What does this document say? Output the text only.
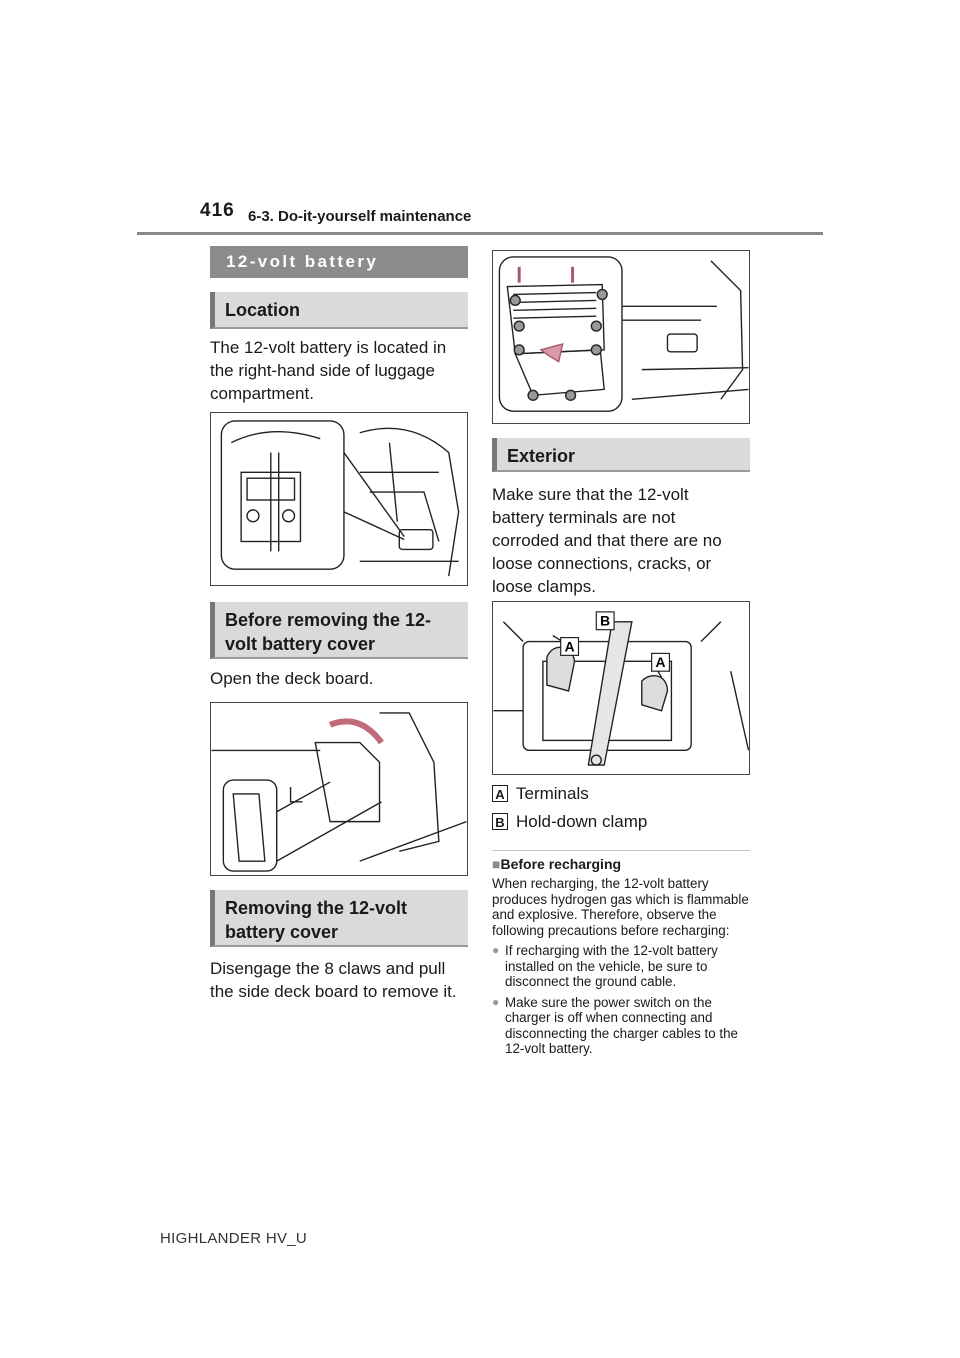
416 6-3. Do-it-yourself maintenance
12-volt battery
Location
The 12-volt battery is located in the right-hand side of luggage compartment.
Before removing the 12-volt battery cover
Open the deck board.
Removing the 12-volt battery cover
Disengage the 8 claws and pull the side deck board to remove it.
Exterior
Make sure that the 12-volt battery terminals are not corroded and that there are no loose connections, cracks, or loose clamps.
B
A
A
A Terminals
B Hold-down clamp
■Before recharging
When recharging, the 12-volt battery produces hydrogen gas which is flammable and explosive. Therefore, observe the following precautions before recharging:
● If recharging with the 12-volt battery installed on the vehicle, be sure to disconnect the ground cable.
● Make sure the power switch on the charger is off when connecting and disconnecting the charger cables to the 12-volt battery.
HIGHLANDER HV_U
